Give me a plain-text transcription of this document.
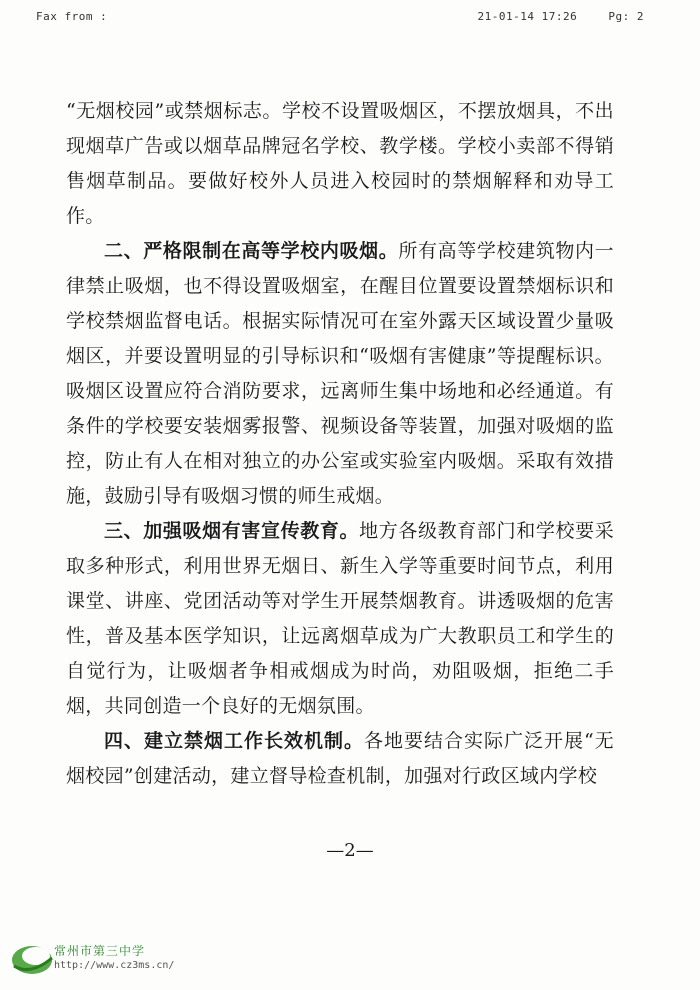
Fax from :	21-01-14 17:26	Pg: 2

“无烟校园”或禁烟标志。学校不设置吸烟区，不摆放烟具，不出现烟草广告或以烟草品牌冠名学校、教学楼。学校小卖部不得销售烟草制品。要做好校外人员进入校园时的禁烟解释和劝导工作。

二、严格限制在高等学校内吸烟。所有高等学校建筑物内一律禁止吸烟，也不得设置吸烟室，在醒目位置要设置禁烟标识和学校禁烟监督电话。根据实际情况可在室外露天区域设置少量吸烟区，并要设置明显的引导标识和“吸烟有害健康”等提醒标识。吸烟区设置应符合消防要求，远离师生集中场地和必经通道。有条件的学校要安装烟雾报警、视频设备等装置，加强对吸烟的监控，防止有人在相对独立的办公室或实验室内吸烟。采取有效措施，鼓励引导有吸烟习惯的师生戒烟。

三、加强吸烟有害宣传教育。地方各级教育部门和学校要采取多种形式，利用世界无烟日、新生入学等重要时间节点，利用课堂、讲座、党团活动等对学生开展禁烟教育。讲透吸烟的危害性，普及基本医学知识，让远离烟草成为广大教职员工和学生的自觉行为，让吸烟者争相戒烟成为时尚，劝阻吸烟，拒绝二手烟，共同创造一个良好的无烟氛围。

四、建立禁烟工作长效机制。各地要结合实际广泛开展“无烟校园”创建活动，建立督导检查机制，加强对行政区域内学校

—2—
常州市第三中学
http://www.cz3ms.cn/
